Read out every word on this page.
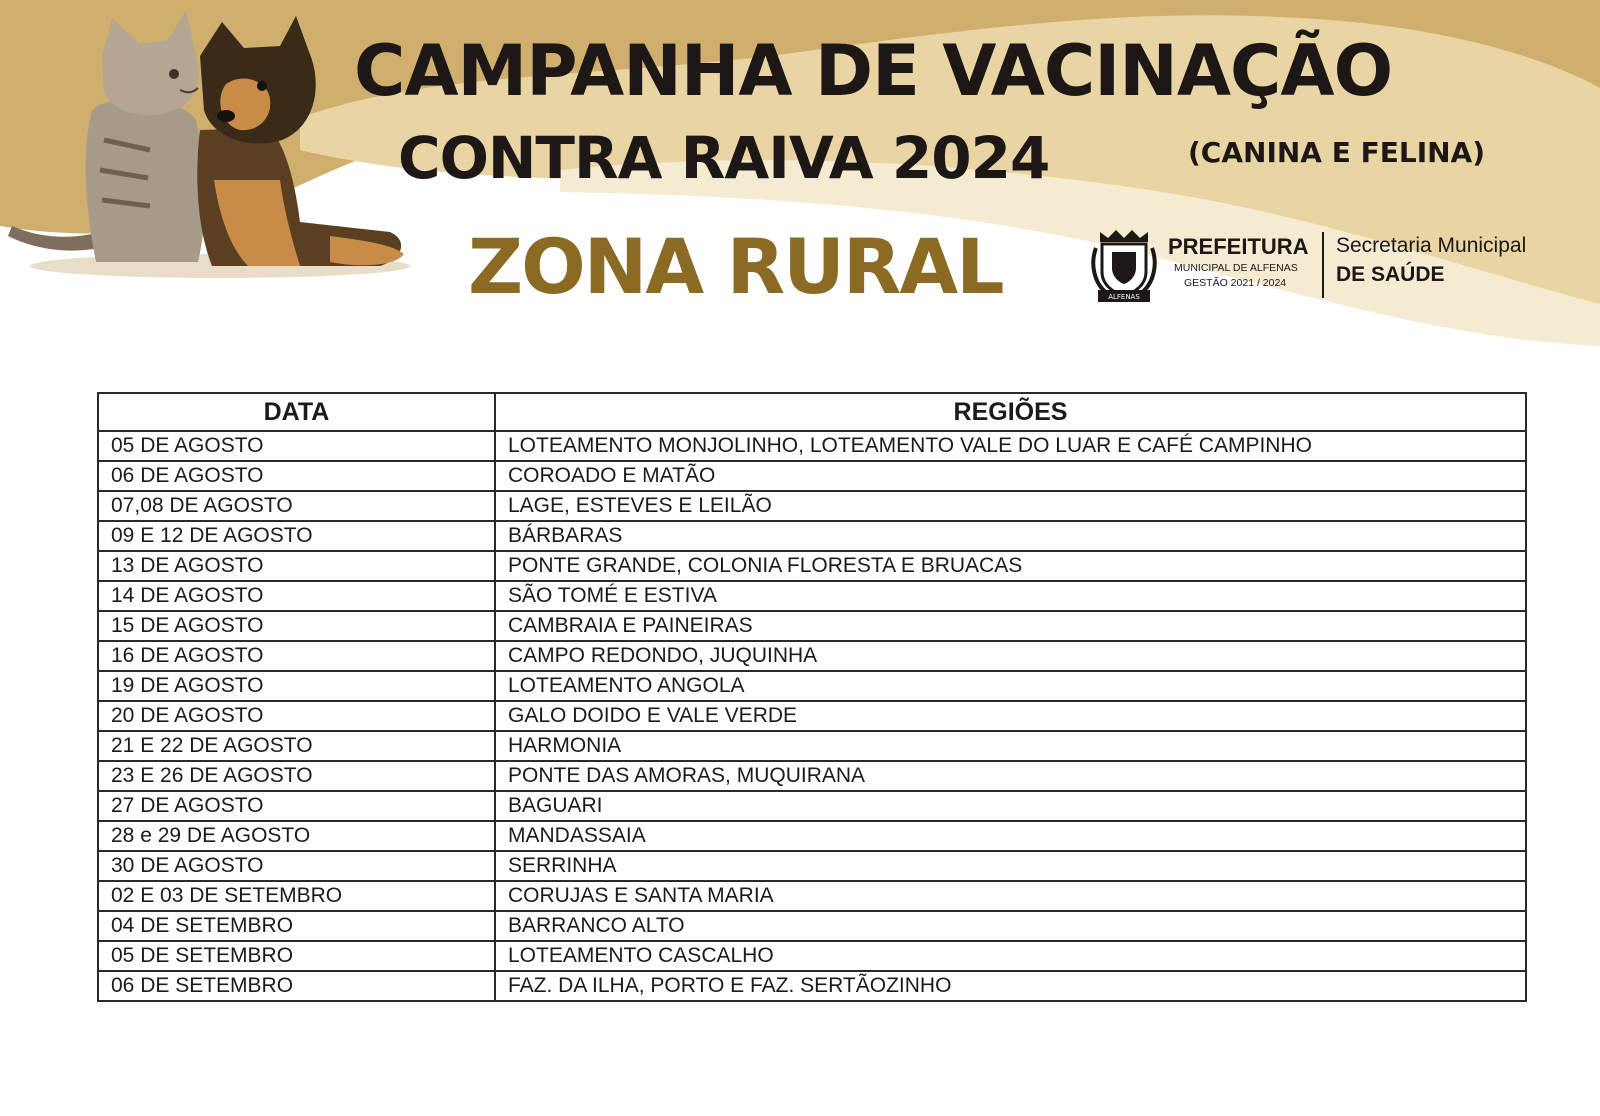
CAMPANHA DE VACINAÇÃO
CONTRA RAIVA 2024	(CANINA E FELINA)
ZONA RURAL	ALFENAS
PREFEITURA
MUNICIPAL DE ALFENAS
GESTÃO 2021 / 2024
Secretaria Municipal
DE SAÚDE
DATA	REGIÕES
05 DE AGOSTO	LOTEAMENTO MONJOLINHO, LOTEAMENTO VALE DO LUAR E CAFÉ CAMPINHO
06 DE AGOSTO	COROADO E MATÃO
07,08 DE AGOSTO	LAGE, ESTEVES E LEILÃO
09 E 12 DE AGOSTO	BÁRBARAS
13 DE AGOSTO	PONTE GRANDE, COLONIA FLORESTA E BRUACAS
14 DE AGOSTO	SÃO TOMÉ E ESTIVA
15 DE AGOSTO	CAMBRAIA E PAINEIRAS
16 DE AGOSTO	CAMPO REDONDO, JUQUINHA
19 DE AGOSTO	LOTEAMENTO ANGOLA
20 DE AGOSTO	GALO DOIDO E VALE VERDE
21 E 22 DE AGOSTO	HARMONIA
23 E 26 DE AGOSTO	PONTE DAS AMORAS, MUQUIRANA
27 DE AGOSTO	BAGUARI
28 e 29 DE AGOSTO	MANDASSAIA
30 DE AGOSTO	SERRINHA
02 E 03 DE SETEMBRO	CORUJAS E SANTA MARIA
04 DE SETEMBRO	BARRANCO ALTO
05 DE SETEMBRO	LOTEAMENTO CASCALHO
06 DE SETEMBRO	FAZ. DA ILHA, PORTO E FAZ. SERTÃOZINHO
